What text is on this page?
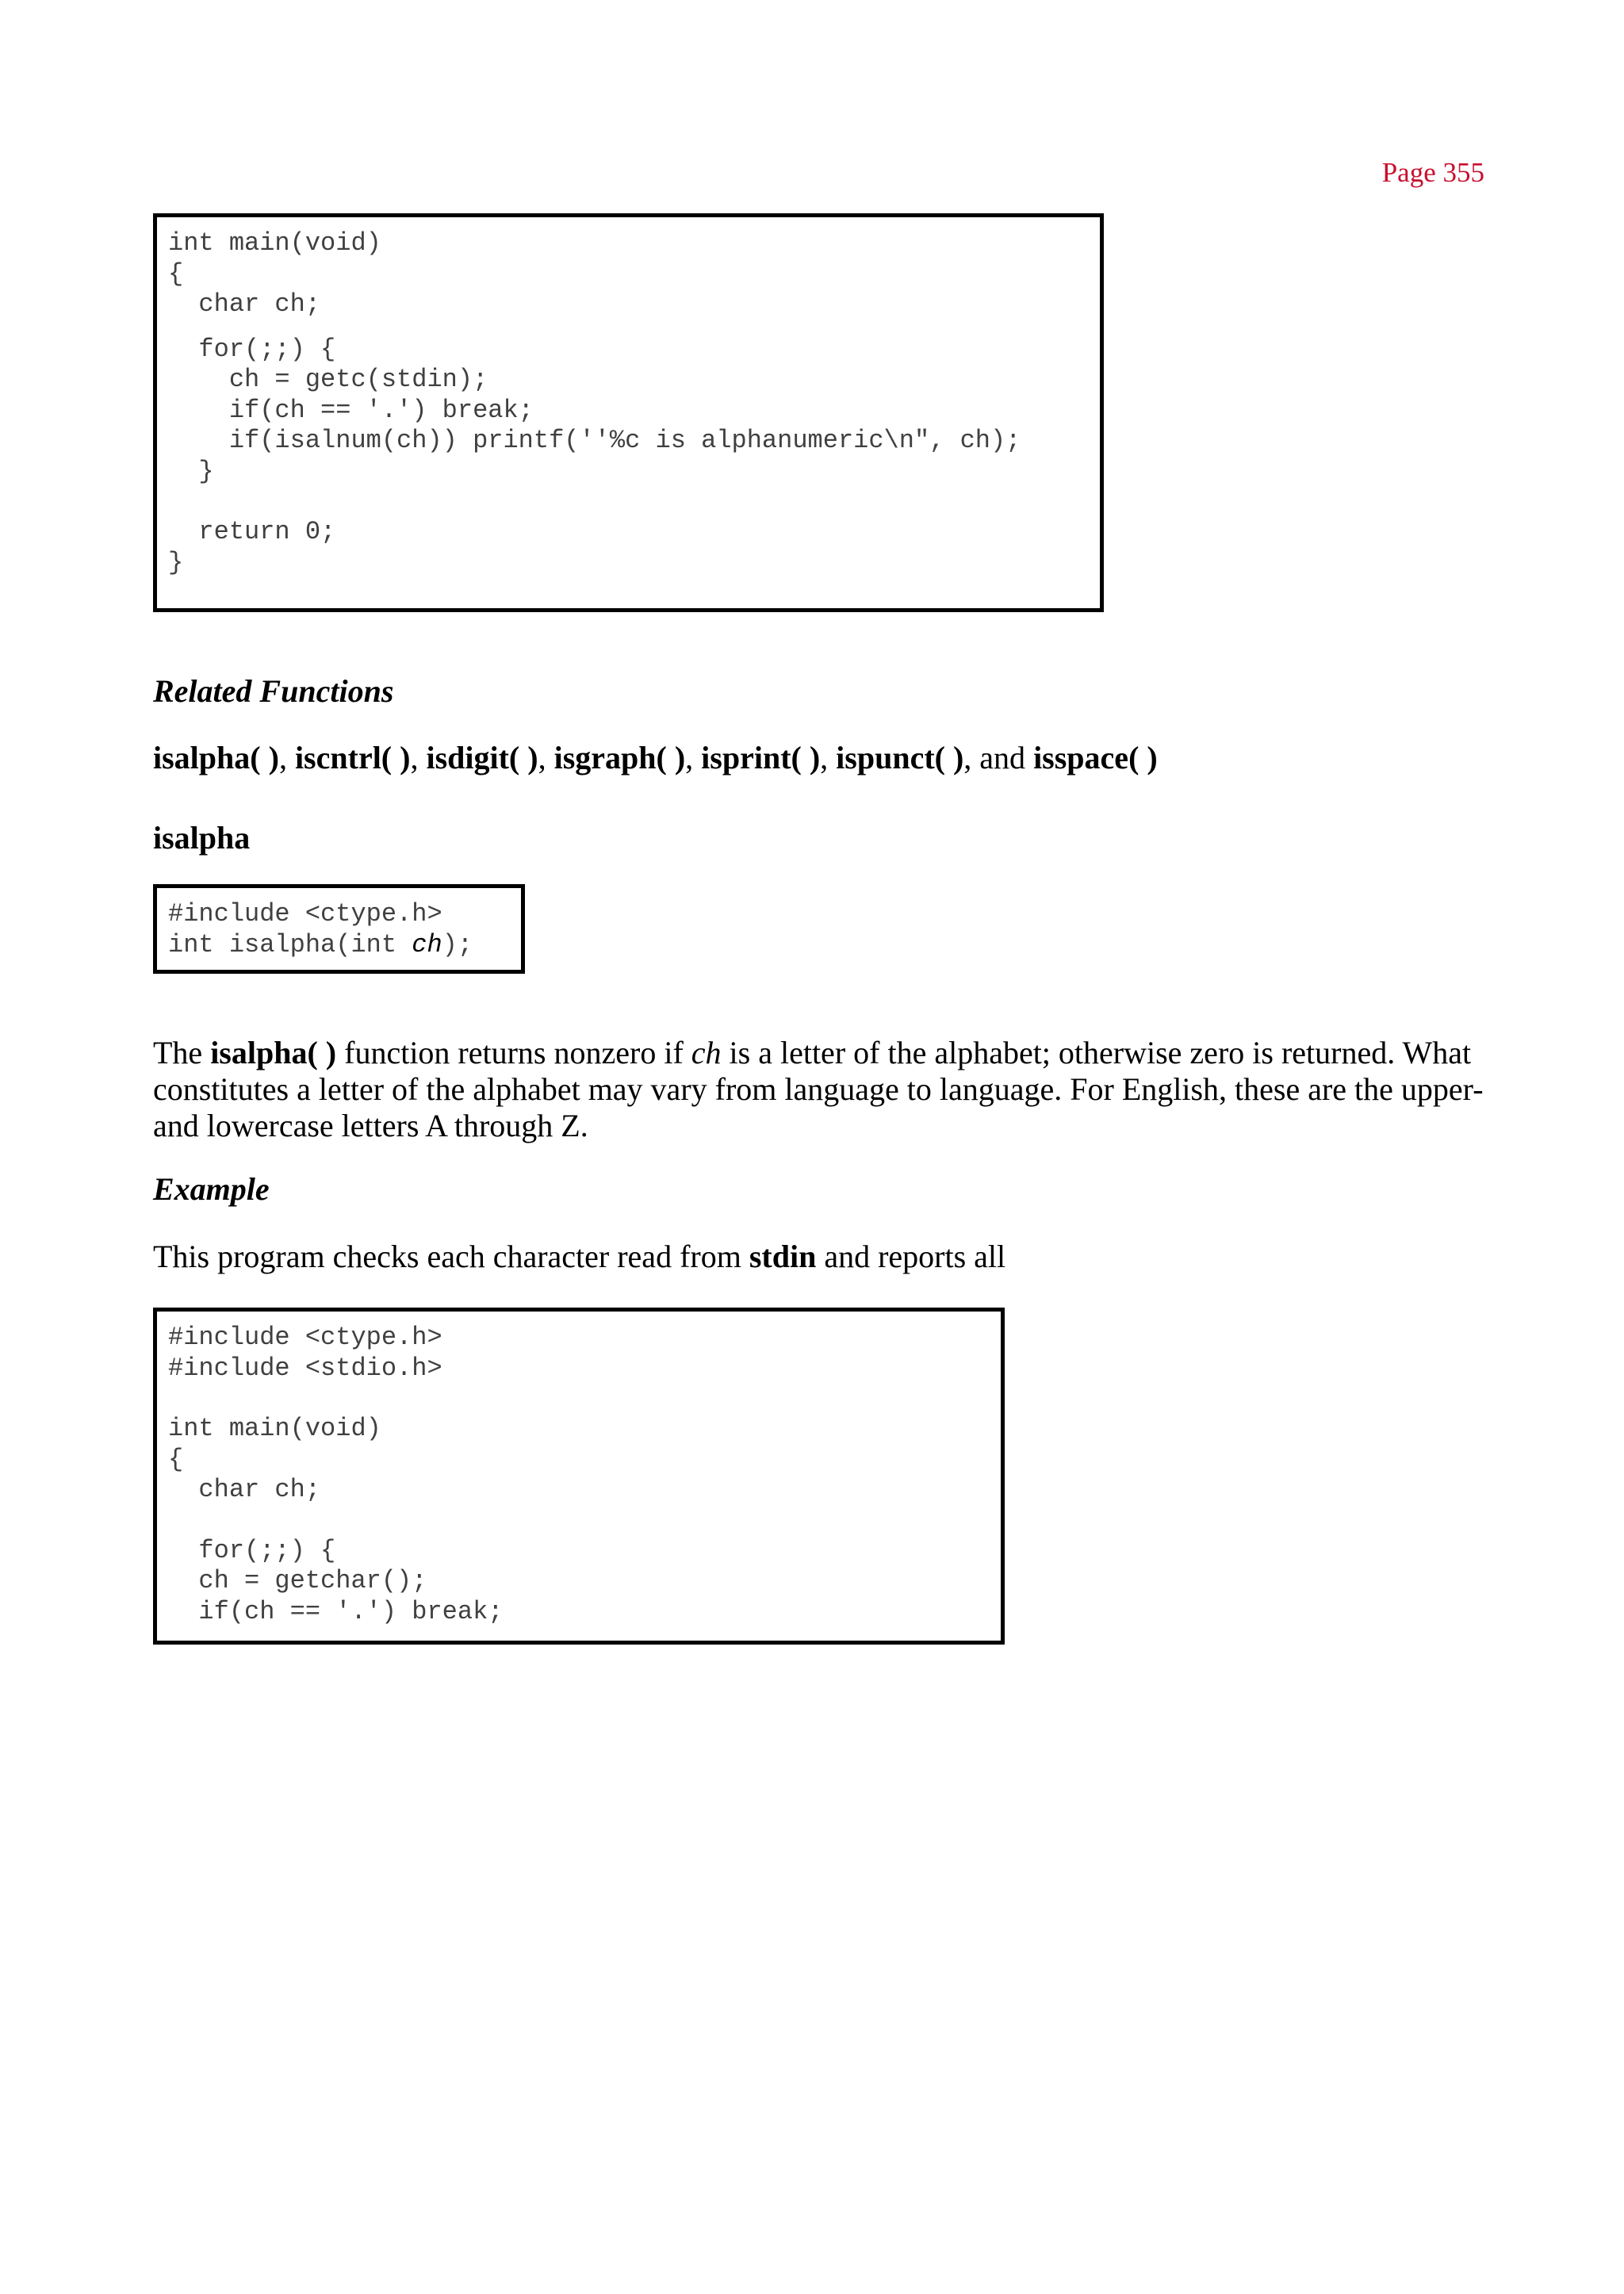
Page 355

int main(void)
{
char ch;
for(;;) {
ch = getc(stdin);
if(ch == '.') break;
if(isalnum(ch)) printf(''%c is alphanumeric\n", ch);
}
return 0;
}
Related Functions

isalpha( ), iscntrl( ), isdigit( ), isgraph( ), isprint( ), ispunct( ), and isspace( )

isalpha
#include <ctype.h>
int isalpha(int ch);

The isalpha( ) function returns nonzero if ch is a letter of the alphabet; otherwise zero is returned. What constitutes a letter of the alphabet may vary from language to language. For English, these are the upper- and lowercase letters A through Z.

Example

This program checks each character read from stdin and reports all

#include <ctype.h>
#include <stdio.h>
int main(void)
{
char ch;
for(;;) {
ch = getchar();
if(ch == '.') break;
